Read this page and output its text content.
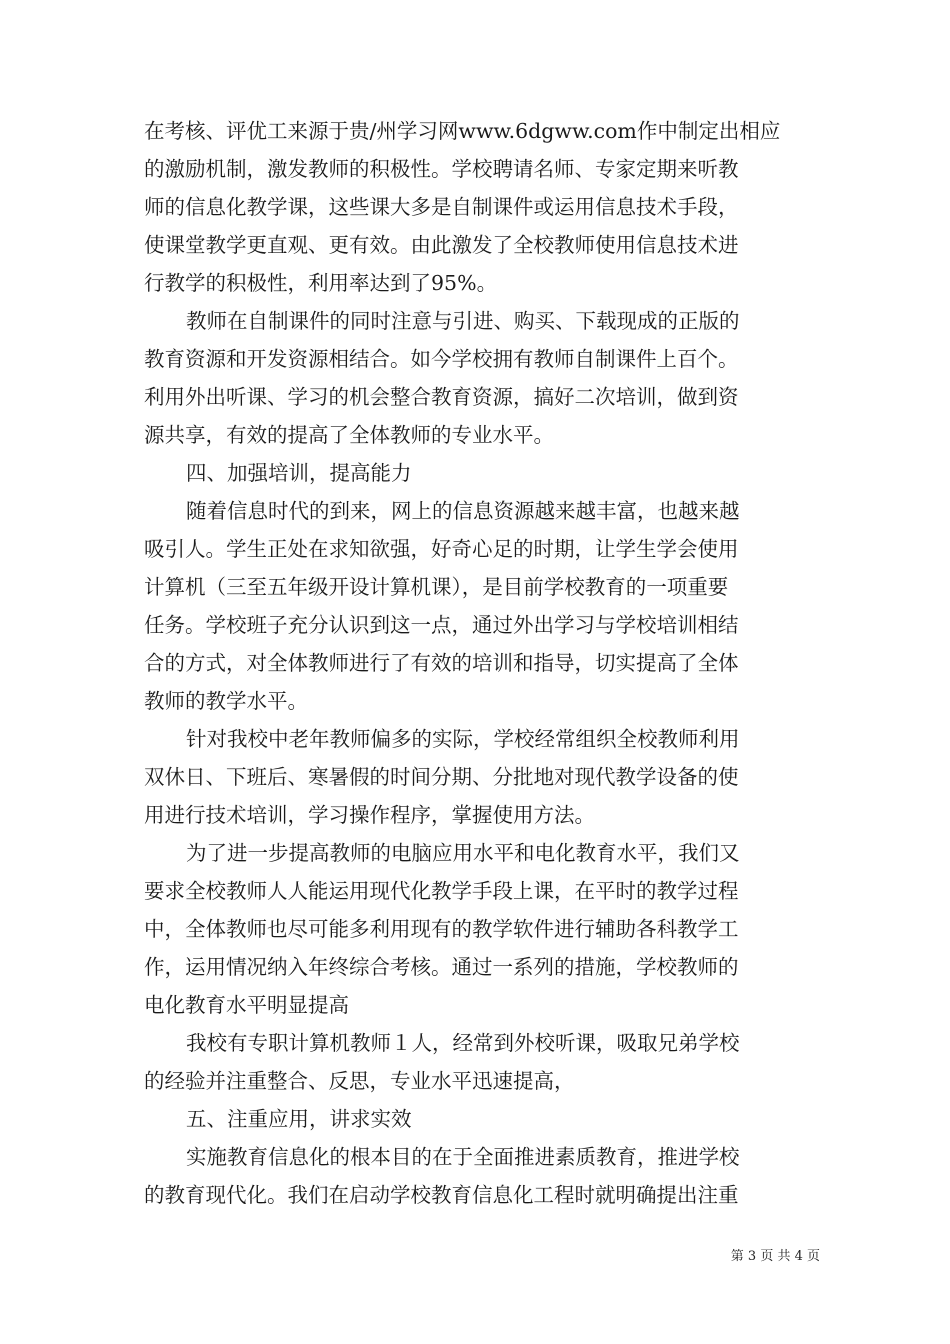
在考核、评优工来源于贵/州学习网www.6dgww.com作中制定出相应
的激励机制，激发教师的积极性。学校聘请名师、专家定期来听教
师的信息化教学课，这些课大多是自制课件或运用信息技术手段，
使课堂教学更直观、更有效。由此激发了全校教师使用信息技术进
行教学的积极性，利用率达到了95%。
教师在自制课件的同时注意与引进、购买、下载现成的正版的
教育资源和开发资源相结合。如今学校拥有教师自制课件上百个。
利用外出听课、学习的机会整合教育资源，搞好二次培训，做到资
源共享，有效的提高了全体教师的专业水平。
四、加强培训，提高能力
随着信息时代的到来，网上的信息资源越来越丰富，也越来越
吸引人。学生正处在求知欲强，好奇心足的时期，让学生学会使用
计算机（三至五年级开设计算机课），是目前学校教育的一项重要
任务。学校班子充分认识到这一点，通过外出学习与学校培训相结
合的方式，对全体教师进行了有效的培训和指导，切实提高了全体
教师的教学水平。
针对我校中老年教师偏多的实际，学校经常组织全校教师利用
双休日、下班后、寒暑假的时间分期、分批地对现代教学设备的使
用进行技术培训，学习操作程序，掌握使用方法。
为了进一步提高教师的电脑应用水平和电化教育水平，我们又
要求全校教师人人能运用现代化教学手段上课，在平时的教学过程
中，全体教师也尽可能多利用现有的教学软件进行辅助各科教学工
作，运用情况纳入年终综合考核。通过一系列的措施，学校教师的
电化教育水平明显提高
我校有专职计算机教师１人，经常到外校听课，吸取兄弟学校
的经验并注重整合、反思，专业水平迅速提高，
五、注重应用，讲求实效
实施教育信息化的根本目的在于全面推进素质教育，推进学校
的教育现代化。我们在启动学校教育信息化工程时就明确提出注重
第 3 页 共 4 页
